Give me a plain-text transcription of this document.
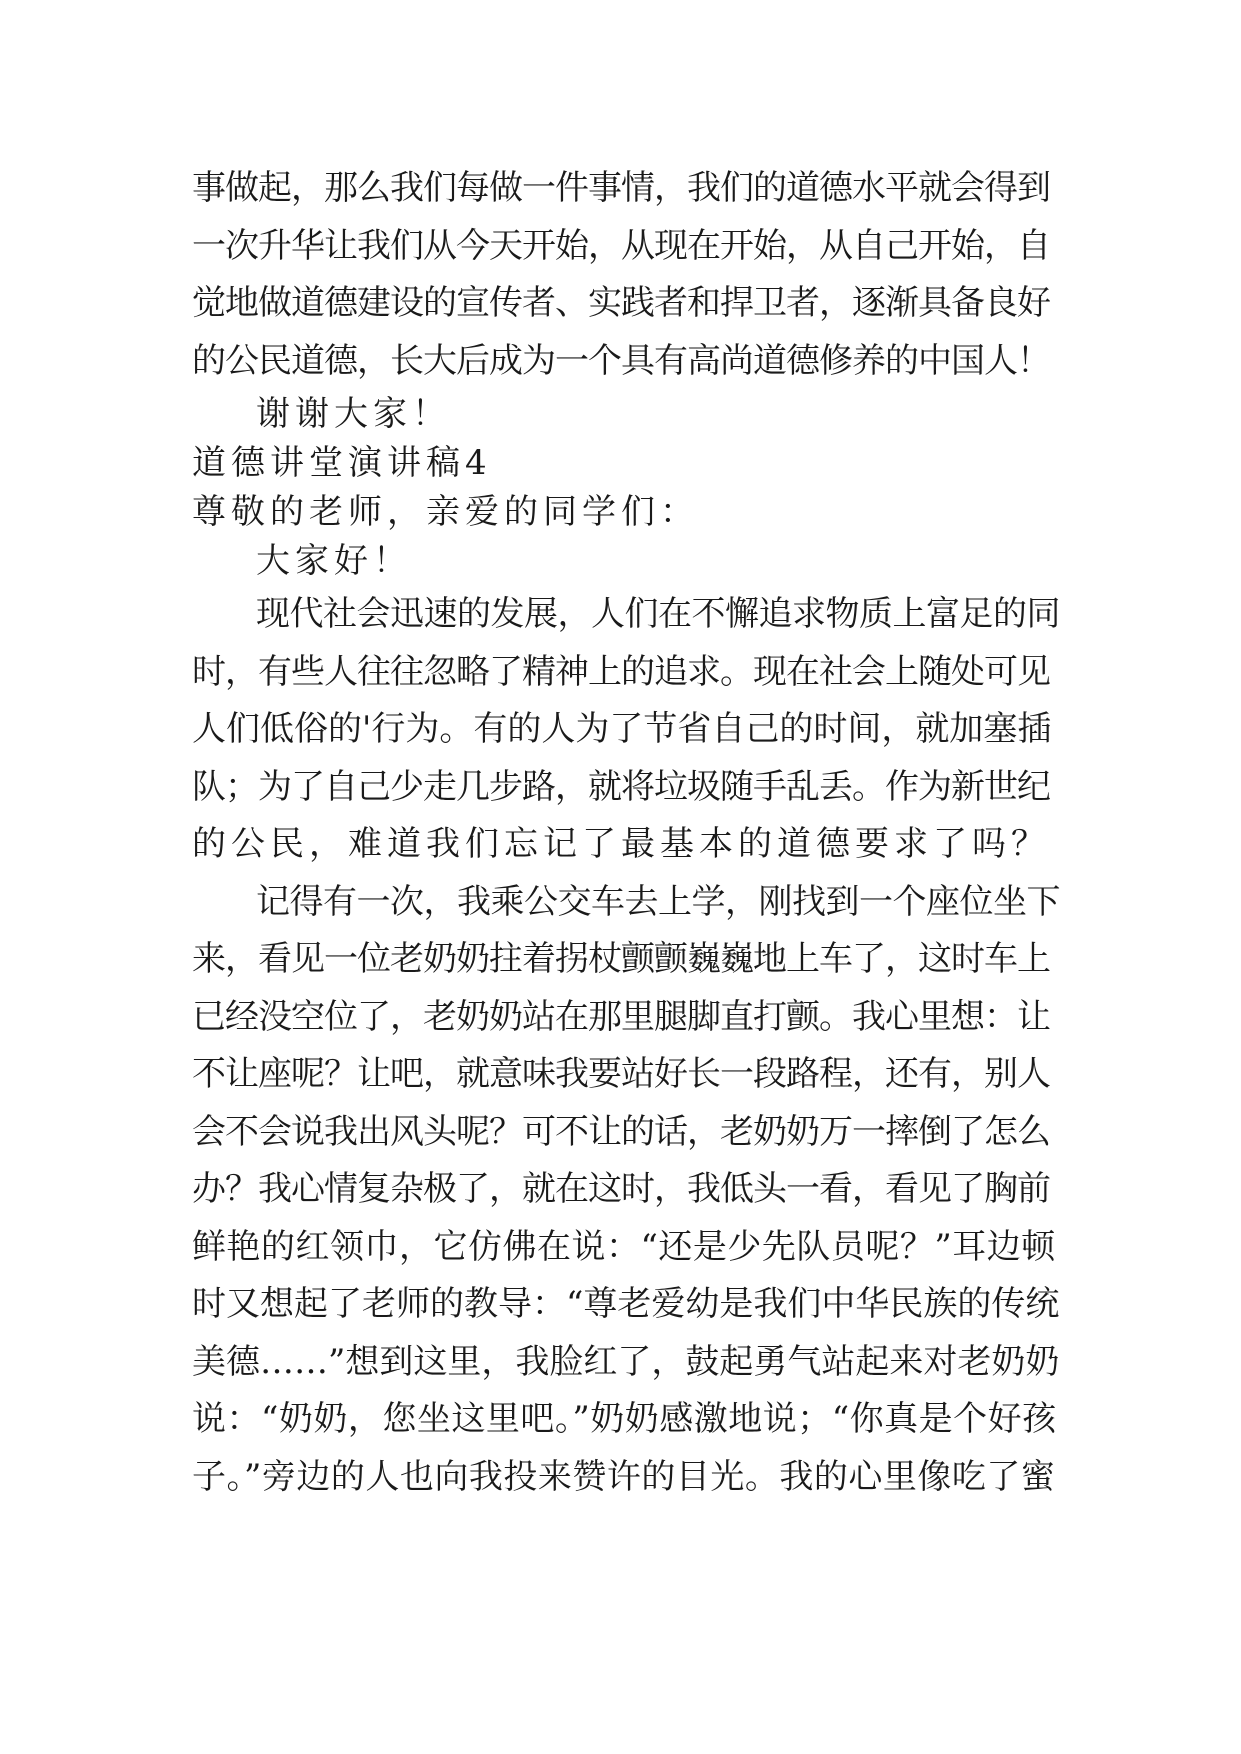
事做起，那么我们每做一件事情，我们的道德水平就会得到
一次升华让我们从今天开始，从现在开始，从自己开始，自
觉地做道德建设的宣传者、实践者和捍卫者，逐渐具备良好
的公民道德，长大后成为一个具有高尚道德修养的中国人！
谢谢大家！
道德讲堂演讲稿4
尊敬的老师，亲爱的同学们：
大家好！
现代社会迅速的发展，人们在不懈追求物质上富足的同
时，有些人往往忽略了精神上的追求。现在社会上随处可见
人们低俗的'行为。有的人为了节省自己的时间，就加塞插
队；为了自己少走几步路，就将垃圾随手乱丢。作为新世纪
的公民，难道我们忘记了最基本的道德要求了吗？
记得有一次，我乘公交车去上学，刚找到一个座位坐下
来，看见一位老奶奶拄着拐杖颤颤巍巍地上车了，这时车上
已经没空位了，老奶奶站在那里腿脚直打颤。我心里想：让
不让座呢？让吧，就意味我要站好长一段路程，还有，别人
会不会说我出风头呢？可不让的话，老奶奶万一摔倒了怎么
办？我心情复杂极了，就在这时，我低头一看，看见了胸前
鲜艳的红领巾，它仿佛在说：“还是少先队员呢？”耳边顿
时又想起了老师的教导：“尊老爱幼是我们中华民族的传统
美德……”想到这里，我脸红了，鼓起勇气站起来对老奶奶
说：“奶奶，您坐这里吧。”奶奶感激地说；“你真是个好孩
子。”旁边的人也向我投来赞许的目光。我的心里像吃了蜜
